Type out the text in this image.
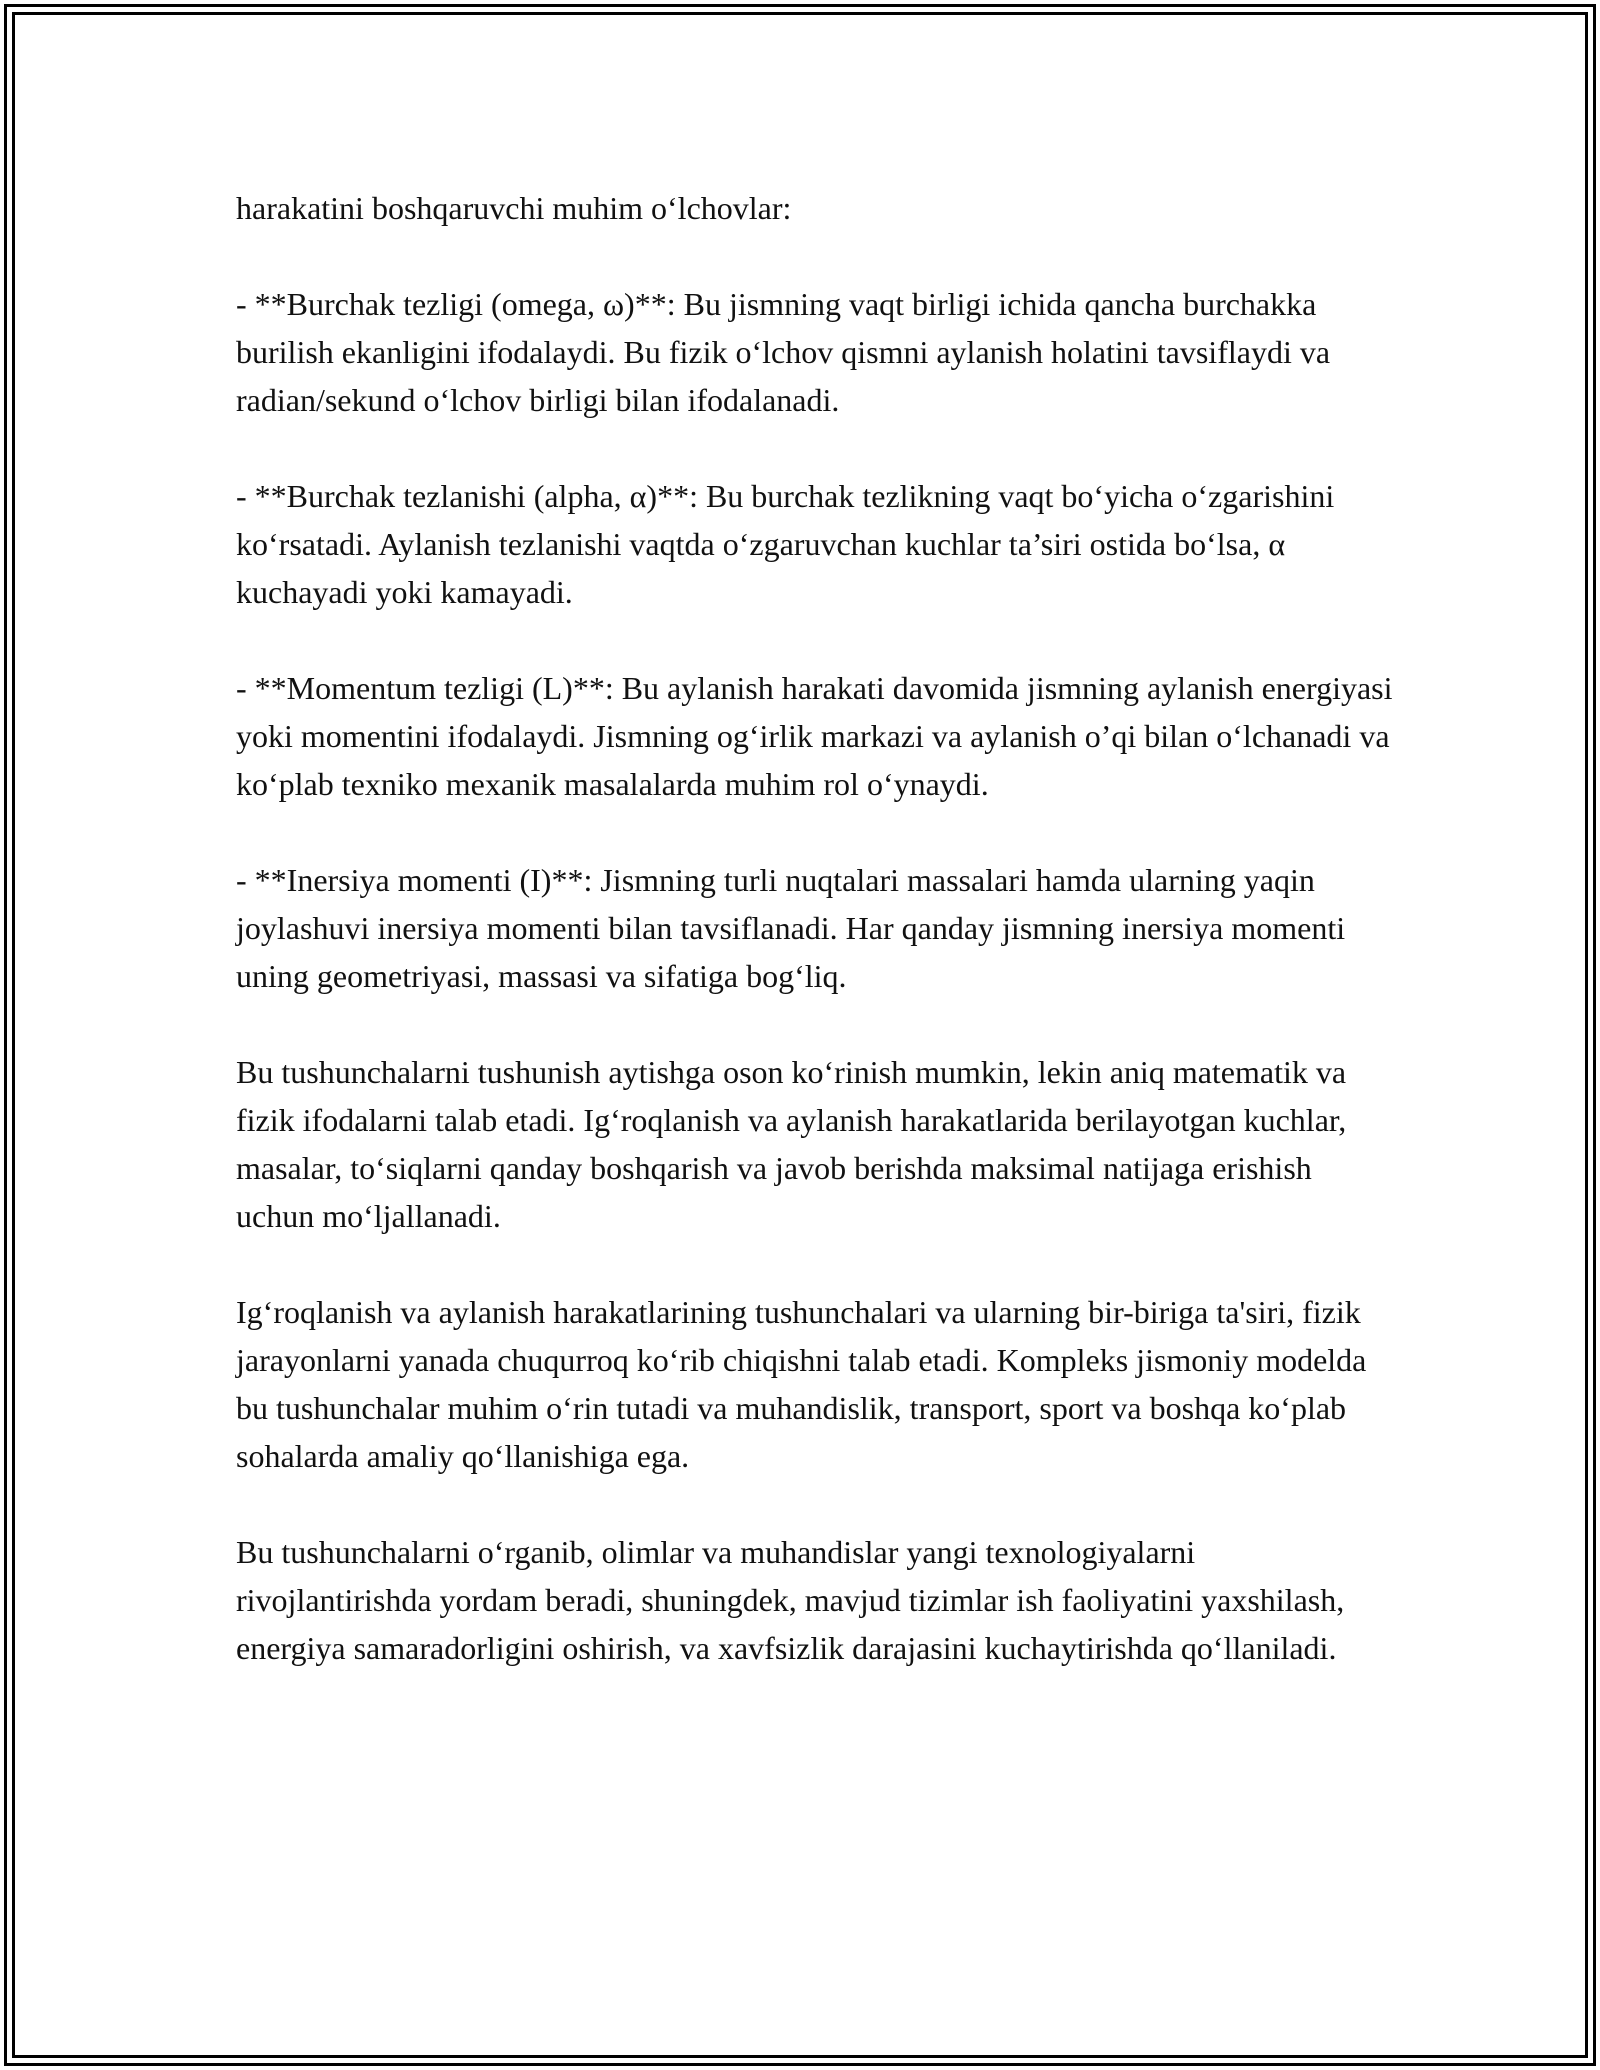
harakatini boshqaruvchi muhim o‘lchovlar:

- **Burchak tezligi (omega, ω)**: Bu jismning vaqt birligi ichida qancha burchakka burilish ekanligini ifodalaydi. Bu fizik o‘lchov qismni aylanish holatini tavsiflaydi va radian/sekund o‘lchov birligi bilan ifodalanadi.

- **Burchak tezlanishi (alpha, α)**: Bu burchak tezlikning vaqt bo‘yicha o‘zgarishini ko‘rsatadi. Aylanish tezlanishi vaqtda o‘zgaruvchan kuchlar ta’siri ostida bo‘lsa, α kuchayadi yoki kamayadi.

- **Momentum tezligi (L)**: Bu aylanish harakati davomida jismning aylanish energiyasi yoki momentini ifodalaydi. Jismning og‘irlik markazi va aylanish o’qi bilan o‘lchanadi va ko‘plab texniko mexanik masalalarda muhim rol o‘ynaydi.

- **Inersiya momenti (I)**: Jismning turli nuqtalari massalari hamda ularning yaqin joylashuvi inersiya momenti bilan tavsiflanadi. Har qanday jismning inersiya momenti uning geometriyasi, massasi va sifatiga bog‘liq.

Bu tushunchalarni tushunish aytishga oson ko‘rinish mumkin, lekin aniq matematik va fizik ifodalarni talab etadi. Ig‘roqlanish va aylanish harakatlarida berilayotgan kuchlar, masalar, to‘siqlarni qanday boshqarish va javob berishda maksimal natijaga erishish uchun mo‘ljallanadi.

Ig‘roqlanish va aylanish harakatlarining tushunchalari va ularning bir-biriga ta'siri, fizik jarayonlarni yanada chuqurroq ko‘rib chiqishni talab etadi. Kompleks jismoniy modelda bu tushunchalar muhim o‘rin tutadi va muhandislik, transport, sport va boshqa ko‘plab sohalarda amaliy qo‘llanishiga ega.

Bu tushunchalarni o‘rganib, olimlar va muhandislar yangi texnologiyalarni rivojlantirishda yordam beradi, shuningdek, mavjud tizimlar ish faoliyatini yaxshilash, energiya samaradorligini oshirish, va xavfsizlik darajasini kuchaytirishda qo‘llaniladi.
